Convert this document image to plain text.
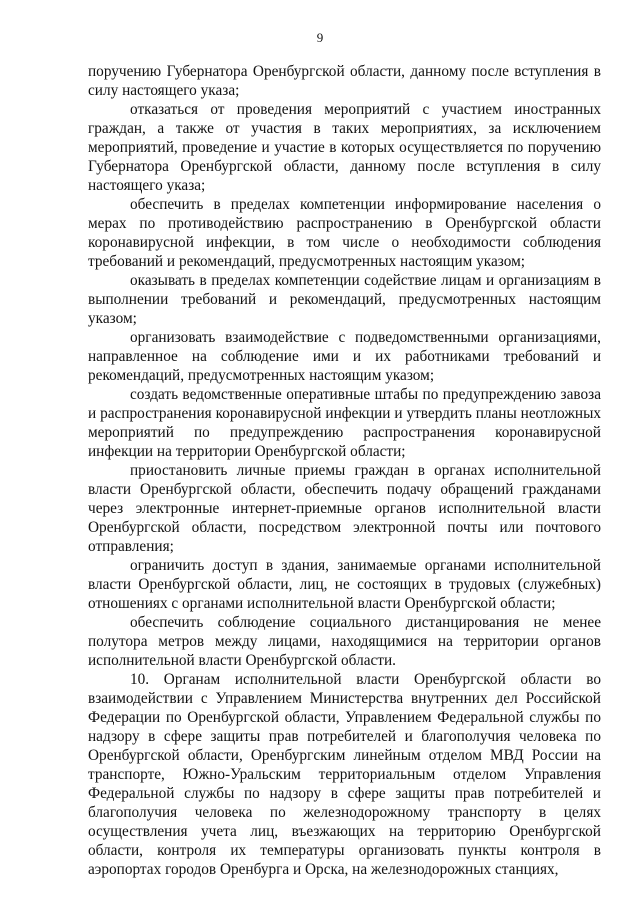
9

поручению Губернатора Оренбургской области, данному после вступления в силу настоящего указа;

отказаться от проведения мероприятий с участием иностранных граждан, а также от участия в таких мероприятиях, за исключением мероприятий, проведение и участие в которых осуществляется по поручению Губернатора Оренбургской области, данному после вступления в силу настоящего указа;

обеспечить в пределах компетенции информирование населения о мерах по противодействию распространению в Оренбургской области коронавирусной инфекции, в том числе о необходимости соблюдения требований и рекомендаций, предусмотренных настоящим указом;

оказывать в пределах компетенции содействие лицам и организациям в выполнении требований и рекомендаций, предусмотренных настоящим указом;

организовать взаимодействие с подведомственными организациями, направленное на соблюдение ими и их работниками требований и рекомендаций, предусмотренных настоящим указом;

создать ведомственные оперативные штабы по предупреждению завоза и распространения коронавирусной инфекции и утвердить планы неотложных мероприятий по предупреждению распространения коронавирусной инфекции на территории Оренбургской области;

приостановить личные приемы граждан в органах исполнительной власти Оренбургской области, обеспечить подачу обращений гражданами через электронные интернет-приемные органов исполнительной власти Оренбургской области, посредством электронной почты или почтового отправления;

ограничить доступ в здания, занимаемые органами исполнительной власти Оренбургской области, лиц, не состоящих в трудовых (служебных) отношениях с органами исполнительной власти Оренбургской области;

обеспечить соблюдение социального дистанцирования не менее полутора метров между лицами, находящимися на территории органов исполнительной власти Оренбургской области.

10. Органам исполнительной власти Оренбургской области во взаимодействии с Управлением Министерства внутренних дел Российской Федерации по Оренбургской области, Управлением Федеральной службы по надзору в сфере защиты прав потребителей и благополучия человека по Оренбургской области, Оренбургским линейным отделом МВД России на транспорте, Южно-Уральским территориальным отделом Управления Федеральной службы по надзору в сфере защиты прав потребителей и благополучия человека по железнодорожному транспорту в целях осуществления учета лиц, въезжающих на территорию Оренбургской области, контроля их температуры организовать пункты контроля в аэропортах городов Оренбурга и Орска, на железнодорожных станциях,
